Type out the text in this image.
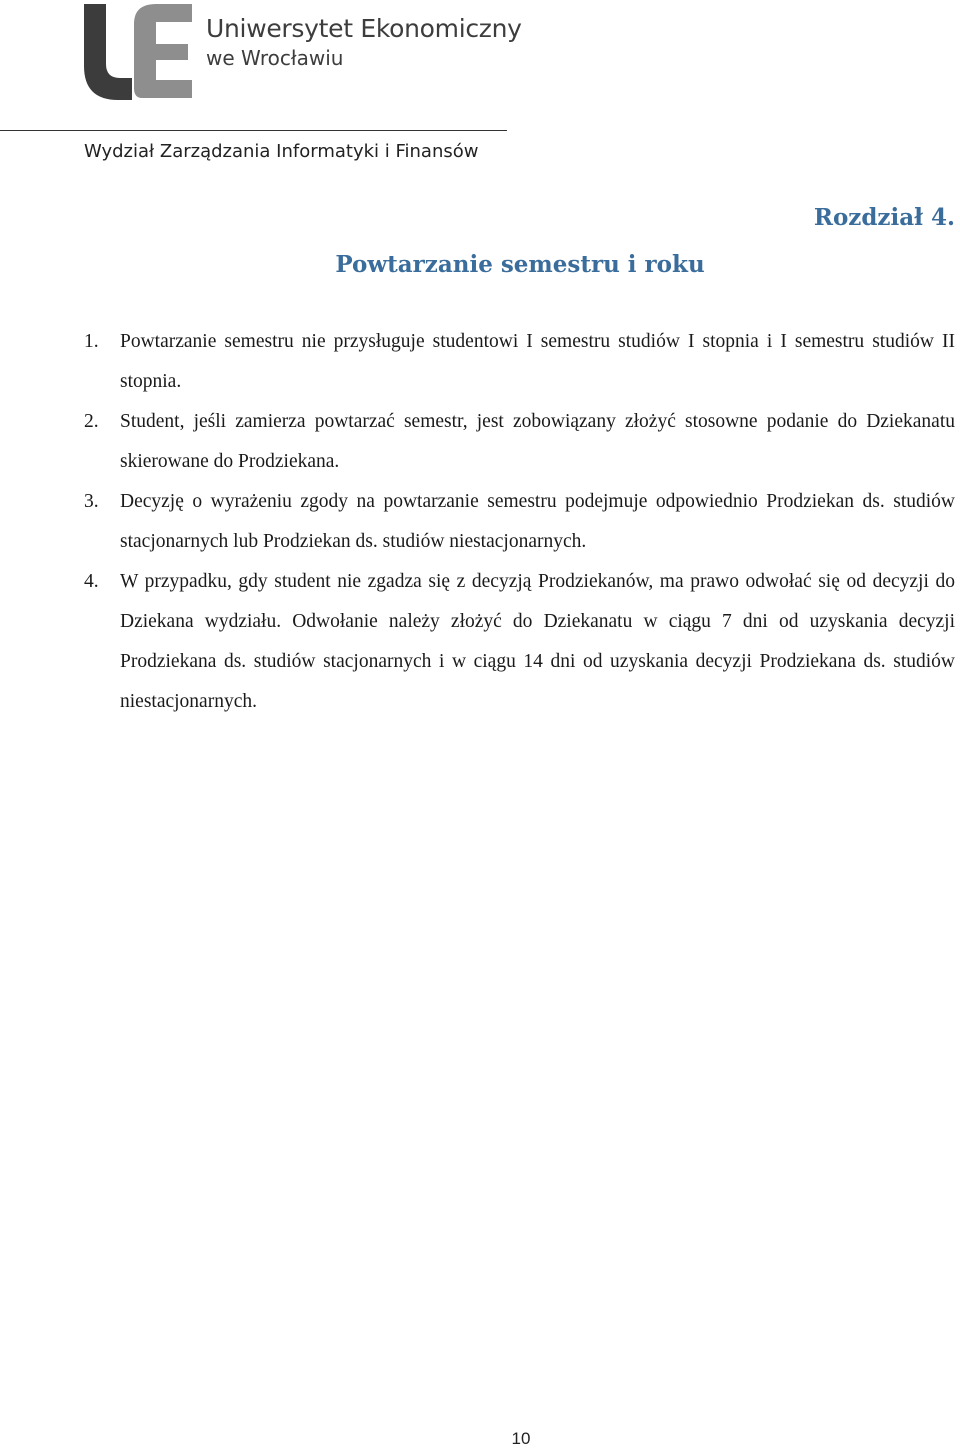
Uniwersytet Ekonomiczny
we Wrocławiu
Wydział Zarządzania Informatyki i Finansów
Rozdział 4.
Powtarzanie semestru i roku
1. Powtarzanie semestru nie przysługuje studentowi I semestru studiów I stopnia i I semestru studiów II stopnia.
2. Student, jeśli zamierza powtarzać semestr, jest zobowiązany złożyć stosowne podanie do Dziekanatu skierowane do Prodziekana.
3. Decyzję o wyrażeniu zgody na powtarzanie semestru podejmuje odpowiednio Prodziekan ds. studiów stacjonarnych lub Prodziekan ds. studiów niestacjonarnych.
4. W przypadku, gdy student nie zgadza się z decyzją Prodziekanów, ma prawo odwołać się od decyzji do Dziekana wydziału. Odwołanie należy złożyć do Dziekanatu w ciągu 7 dni od uzyskania decyzji Prodziekana ds. studiów stacjonarnych i w ciągu 14 dni od uzyskania decyzji Prodziekana ds. studiów niestacjonarnych.
10
